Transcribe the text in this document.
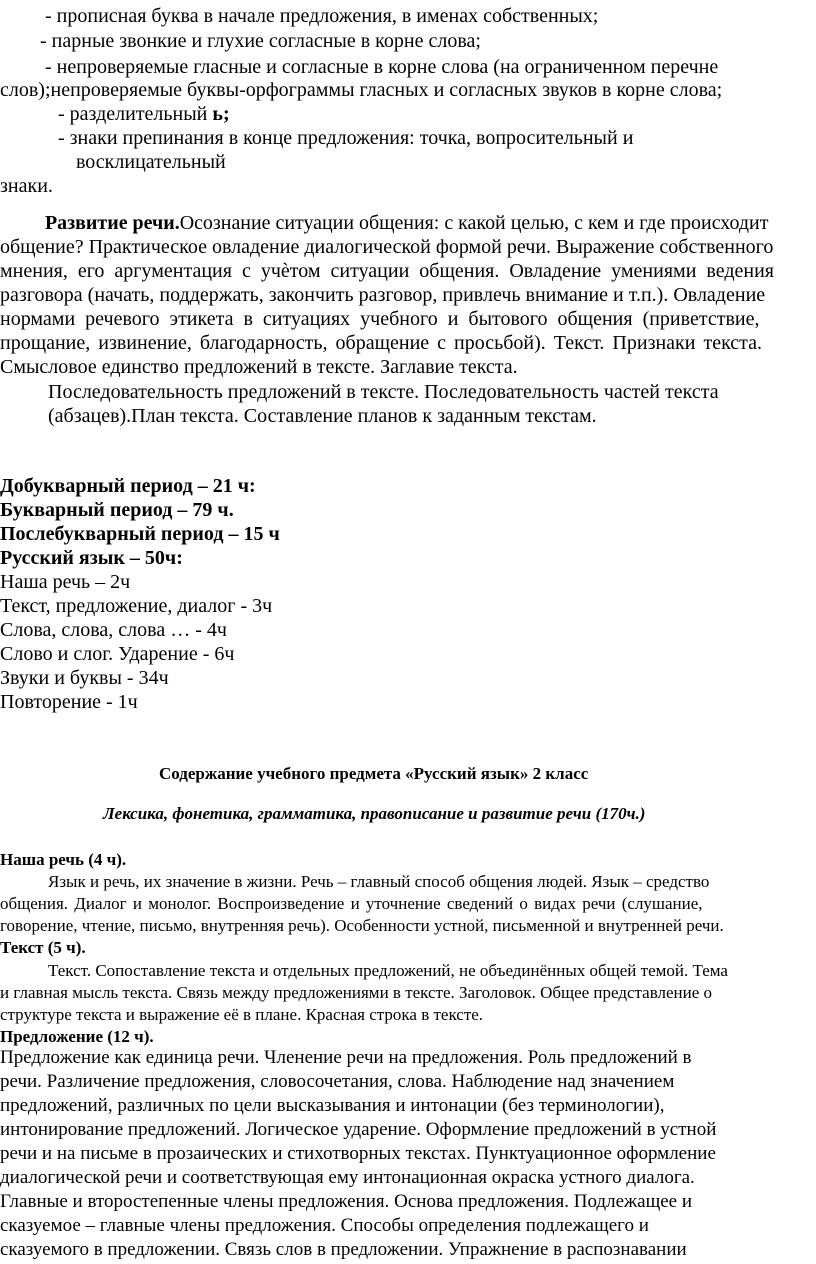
- прописная буква в начале предложения, в именах собственных;
- парные звонкие и глухие согласные в корне слова;
- непроверяемые гласные и согласные в корне слова (на ограниченном перечне
слов);непроверяемые буквы-орфограммы гласных и согласных звуков в корне слова;
- разделительный ь;
- знаки препинания в конце предложения: точка, вопросительный и
восклицательный
знаки.
Развитие речи.Осознание ситуации общения: с какой целью, с кем и где происходит
общение? Практическое овладение диалогической формой речи. Выражение собственного
мнения, его аргументация с учѐтом ситуации общения. Овладение умениями ведения
разговора (начать, поддержать, закончить разговор, привлечь внимание и т.п.). Овладение
нормами речевого этикета в ситуациях учебного и бытового общения (приветствие,
прощание, извинение, благодарность, обращение с просьбой). Текст. Признаки текста.
Смысловое единство предложений в тексте. Заглавие текста.
Последовательность предложений в тексте. Последовательность частей текста
(абзацев).План текста. Составление планов к заданным текстам.
Добукварный период – 21 ч:
Букварный период – 79 ч.
Послебукварный период – 15 ч
Русский язык – 50ч:
Наша речь – 2ч
Текст, предложение, диалог - 3ч
Слова, слова, слова … - 4ч
Слово и слог. Ударение - 6ч
Звуки и буквы - 34ч
Повторение - 1ч
Содержание учебного предмета «Русский язык» 2 класс
Лексика, фонетика, грамматика, правописание и развитие речи (170ч.)
Наша речь (4 ч).
Язык и речь, их значение в жизни. Речь – главный способ общения людей. Язык – средство
общения. Диалог и монолог. Воспроизведение и уточнение сведений о видах речи (слушание,
говорение, чтение, письмо, внутренняя речь). Особенности устной, письменной и внутренней речи.
Текст (5 ч).
Текст. Сопоставление текста и отдельных предложений, не объединённых общей темой. Тема
и главная мысль текста. Связь между предложениями в тексте. Заголовок. Общее представление о
структуре текста и выражение её в плане. Красная строка в тексте.
Предложение (12 ч).
Предложение как единица речи. Членение речи на предложения. Роль предложений в
речи. Различение предложения, словосочетания, слова. Наблюдение над значением
предложений, различных по цели высказывания и интонации (без терминологии),
интонирование предложений. Логическое ударение. Оформление предложений в устной
речи и на письме в прозаических и стихотворных текстах. Пунктуационное оформление
диалогической речи и соответствующая ему интонационная окраска устного диалога.
Главные и второстепенные члены предложения. Основа предложения. Подлежащее и
сказуемое – главные члены предложения. Способы определения подлежащего и
сказуемого в предложении. Связь слов в предложении. Упражнение в распознавании
